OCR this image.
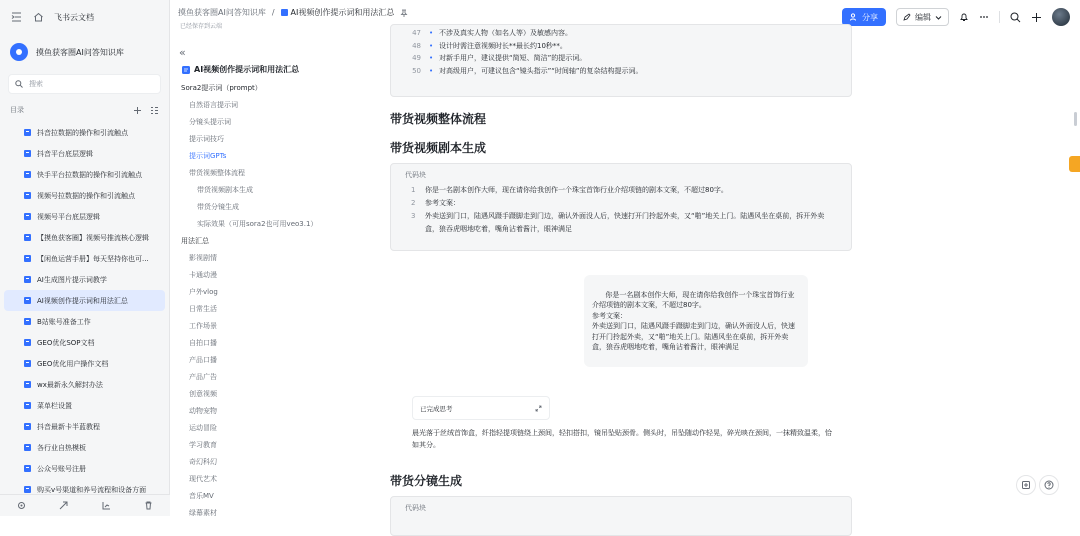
飞书云文档
摸鱼获客圈AI问答知识库
搜索
目录
抖音拉数据的操作和引流触点
抖音平台底层逻辑
快手平台拉数据的操作和引流触点
视频号拉数据的操作和引流触点
视频号平台底层逻辑
【摸鱼获客圈】视频号推流核心逻辑
【闲鱼运营手册】每天坚持你也可...
AI生成图片提示词教学
AI视频创作提示词和用法汇总
B站账号准备工作
GEO优化SOP文档
GEO优化用户操作文档
wx最新永久解封办法
菜单栏设置
抖音最新卡半蓝教程
各行业自热模板
公众号账号注册
购买v号渠道和养号流程和设备方面
摸鱼获客圈AI问答知识库 / AI视频创作提示词和用法汇总
已经保存到云端
分享	编辑
«
AI视频创作提示词和用法汇总
Sora2提示词（prompt）
自然语言提示词
分镜头提示词
提示词技巧
提示词GPTs
带货视频整体流程
带货视频剧本生成
带货分镜生成
实际效果（可用sora2也可用veo3.1）
用法汇总
影视剧情
卡通动漫
户外vlog
日常生活
工作场景
自拍口播
产品口播
产品广告
创意视频
动物宠物
运动冒险
学习教育
奇幻科幻
现代艺术
音乐MV
绿幕素材
47	• 不涉及真实人物（如名人等）及敏感内容。
48	• 设计时需注意视频时长**最长约10秒**。
49	• 对新手用户，建议提供“简短、简洁”的提示词。
50	• 对高级用户，可建议包含“镜头指示”“时间轴”的复杂结构提示词。
带货视频整体流程
带货视频剧本生成
代码块
1	你是一名剧本创作大师，现在请你给我创作一个珠宝首饰行业介绍项链的剧本文案，不超过80字。
2	参考文案：
3	外卖送到门口，陆遇风蹑手蹑脚走到门边，确认外面没人后，快速打开门拎起外卖，又“啪”地关上门。陆遇风坐在桌前，拆开外卖盒，狼吞虎咽地吃着，嘴角沾着酱汁，眼神满足

你是一名剧本创作大师，现在请你给我创作一个珠宝首饰行业介绍项链的剧本文案，不超过80字。
参考文案：
外卖送到门口，陆遇风蹑手蹑脚走到门边，确认外面没人后，快速打开门拎起外卖，又“啪”地关上门。陆遇风坐在桌前，拆开外卖盒，狼吞虎咽地吃着，嘴角沾着酱汁，眼神满足

已完成思考
晨光落于丝绒首饰盒，纤指轻提项链绕上颈间，轻扣搭扣，镜吊坠贴颈骨。侧头时，吊坠随动作轻晃，碎光映在颈间，一抹精致温柔，恰如其分。
带货分镜生成
代码块
